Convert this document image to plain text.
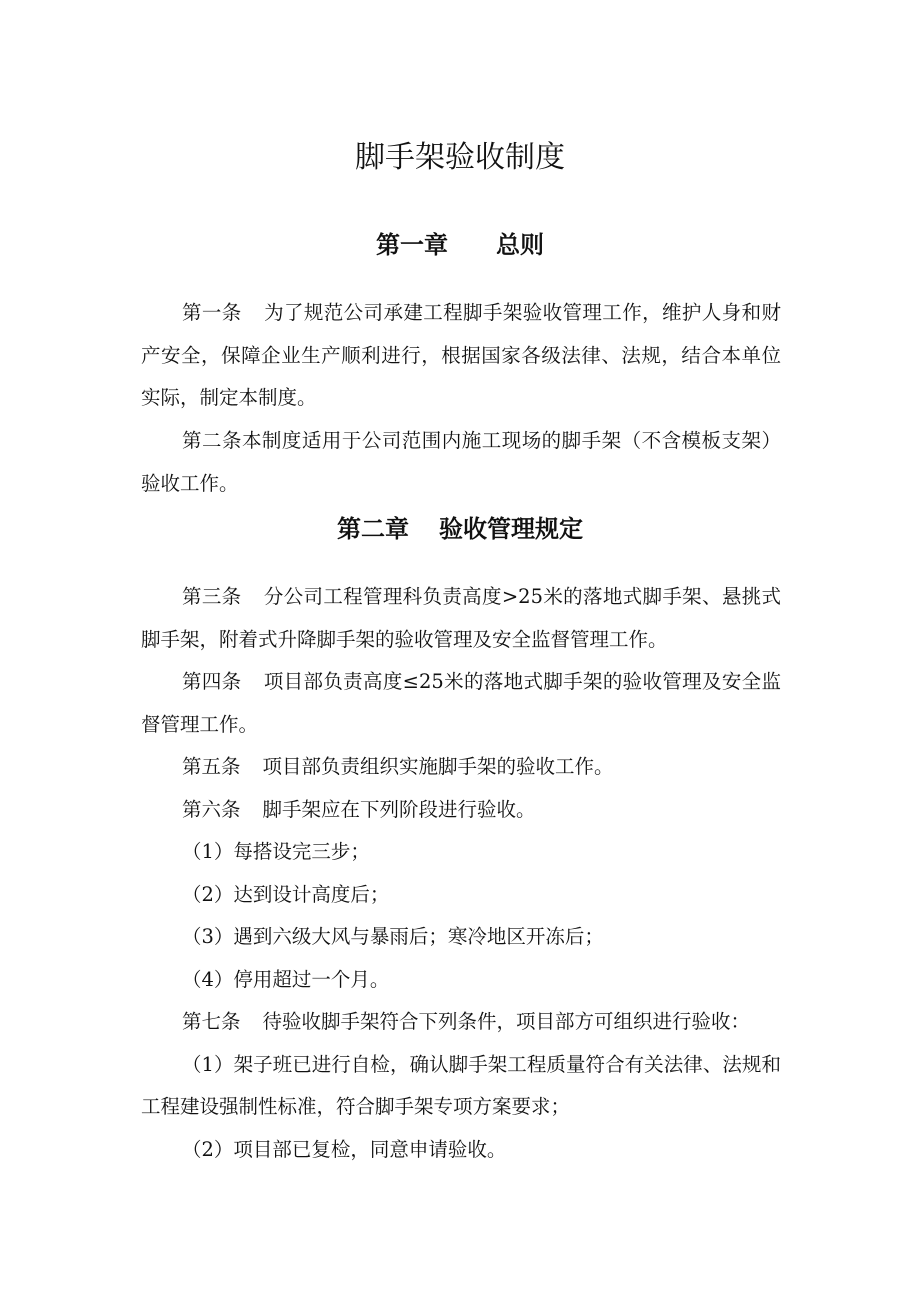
脚手架验收制度
第一章 总则

第一条 为了规范公司承建工程脚手架验收管理工作，维护人身和财产安全，保障企业生产顺利进行，根据国家各级法律、法规，结合本单位实际，制定本制度。

第二条本制度适用于公司范围内施工现场的脚手架（不含模板支架）验收工作。

第二章 验收管理规定

第三条 分公司工程管理科负责高度>25米的落地式脚手架、悬挑式脚手架，附着式升降脚手架的验收管理及安全监督管理工作。

第四条 项目部负责高度≤25米的落地式脚手架的验收管理及安全监督管理工作。

第五条 项目部负责组织实施脚手架的验收工作。

第六条 脚手架应在下列阶段进行验收。

（1）每搭设完三步；

（2）达到设计高度后；

（3）遇到六级大风与暴雨后；寒冷地区开冻后；

（4）停用超过一个月。

第七条 待验收脚手架符合下列条件，项目部方可组织进行验收：

（1）架子班已进行自检，确认脚手架工程质量符合有关法律、法规和工程建设强制性标准，符合脚手架专项方案要求；

（2）项目部已复检，同意申请验收。
